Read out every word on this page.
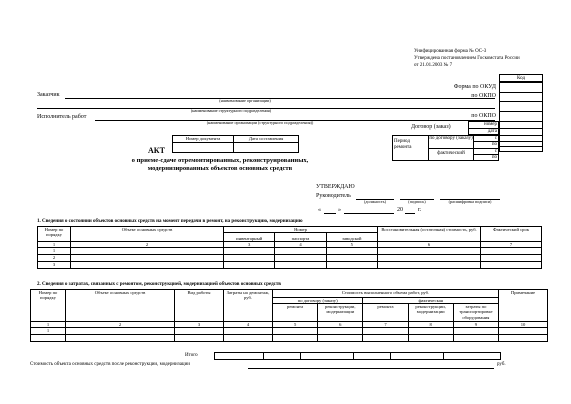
Унифицированная форма № ОС-3
Утверждена постановлением Госкомстата России
от 21.01.2003 № 7
Код
Форма по ОКУД
по ОКПО
по ОКПО
Договор (заказ)	номер
дата
Период ремонта
по договору (заказу)
фактический
с
по
с
по
Заказчик
(наименование организации)
(наименование структурного подразделения)
Исполнитель работ
(наименование организации (структурного подразделения))
Номер документа	Дата составления

АКТ
о приеме-сдаче отремонтированных, реконструированных,
модернизированных объектов основных средств
УТВЕРЖДАЮ
Руководитель
(должность)	(подпись)	(расшифровка подписи)
«	»	20	г.
1. Сведения о состоянии объектов основных средств на момент передачи в ремонт, на реконструкцию, модернизацию
Номер по порядку	Объект основных средств	Номер			Восстановительная (остаточная) стоимость, руб.	Фактический срок
		инвентарный	паспорта	заводской		
1	2	3	4	5	6	7
1						
2						
3						
2. Сведения о затратах, связанных с ремонтом, реконструкцией, модернизацией объектов основных средств
Номер по порядку	Объект основных средств	Вид работы	Затраты на демонтаж, руб.	Стоимость выполненного объема работ, руб.					Примечание
				по договору (заказу)		фактическая			
				ремонта	реконструкции, модернизации	ремонта	реконструкции, модернизации	затраты по транспортировке оборудования	
1	2	3	4	5	6	7	8	9	10
1									

Итого

Стоимость объекта основных средств после реконструкции, модернизации	руб.
